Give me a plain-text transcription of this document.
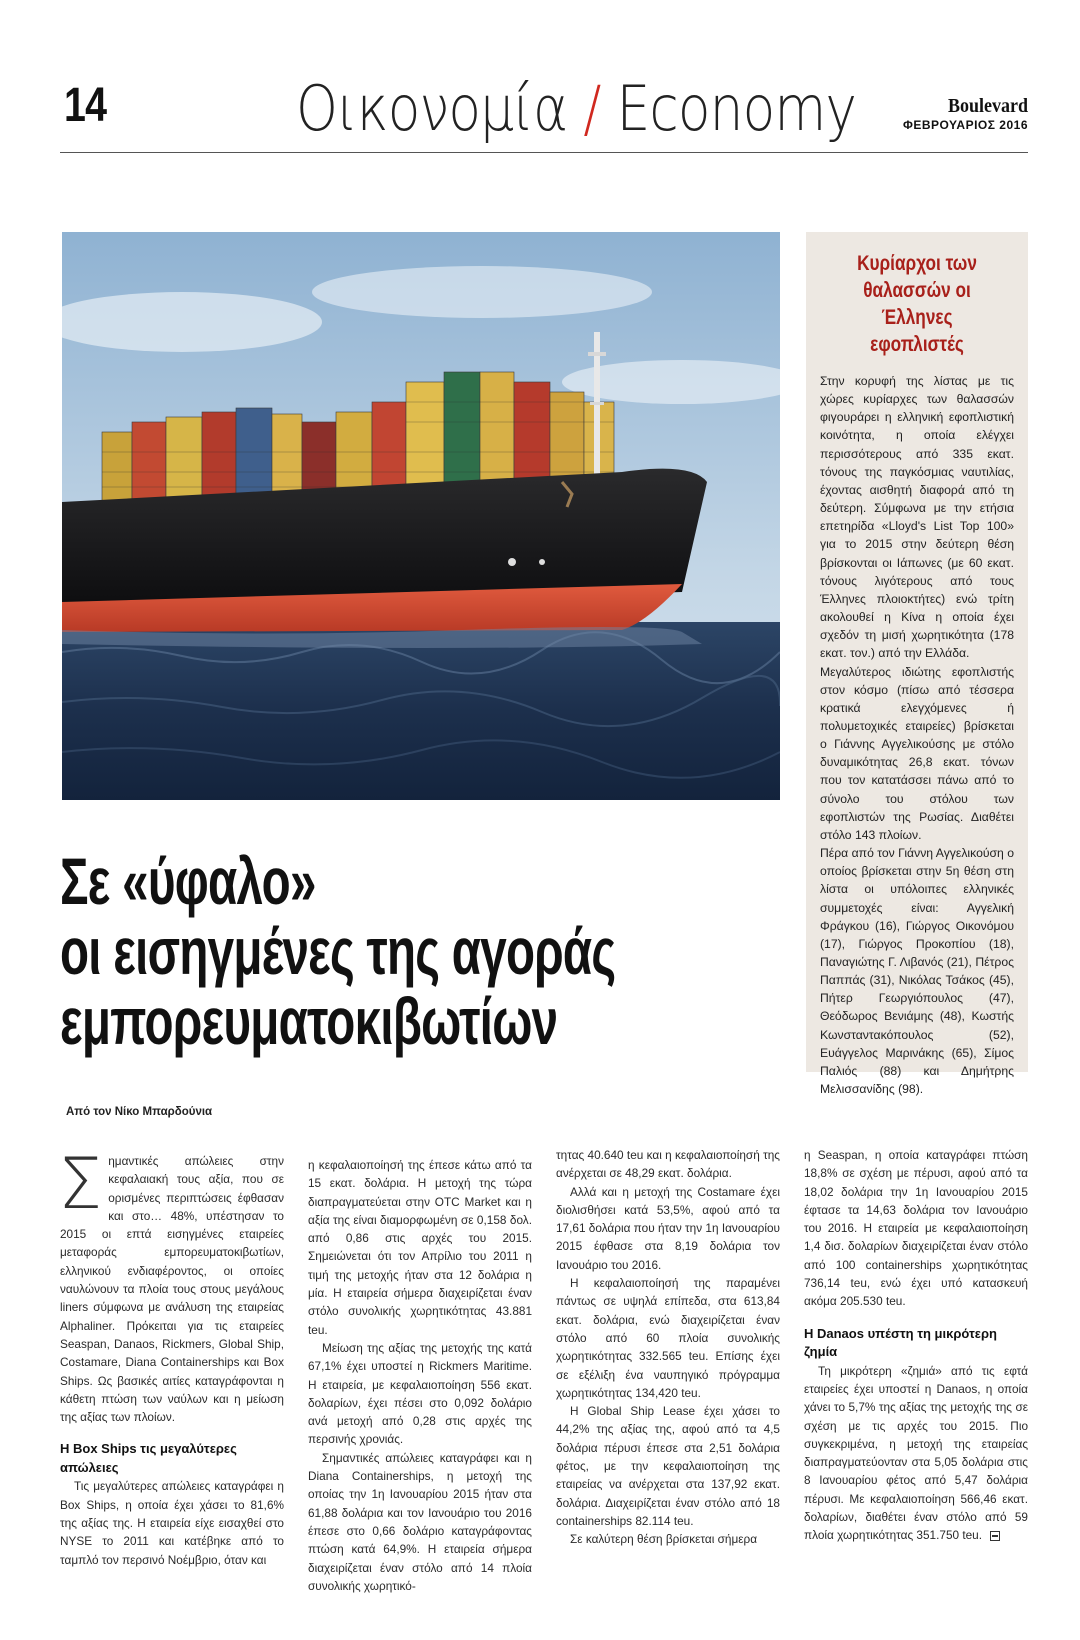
14	Οικονομία / Economy	Boulevard
ΦΕΒΡΟΥΑΡΙΟΣ 2016
Κυρίαρχοι των
θαλασσών οι Έλληνες
εφοπλιστές

Στην κορυφή της λίστας με τις χώρες κυρίαρχες των θαλασσών φιγουράρει η ελληνική εφοπλιστική κοινότητα, η οποία ελέγχει περισσότερους από 335 εκατ. τόνους της παγκόσμιας ναυτιλίας, έχοντας αισθητή διαφορά από τη δεύτερη. Σύμφωνα με την ετήσια επετηρίδα «Lloyd's List Top 100» για το 2015 στην δεύτερη θέση βρίσκονται οι Ιάπωνες (με 60 εκατ. τόνους λιγότερους από τους Έλληνες πλοιοκτήτες) ενώ τρίτη ακολουθεί η Κίνα η οποία έχει σχεδόν τη μισή χωρητικότητα (178 εκατ. τον.) από την Ελλάδα.

Μεγαλύτερος ιδιώτης εφοπλιστής στον κόσμο (πίσω από τέσσερα κρατικά ελεγχόμενες ή πολυμετοχικές εταιρείες) βρίσκεται ο Γιάννης Αγγελικούσης με στόλο δυναμικότητας 26,8 εκατ. τόνων που τον κατατάσσει πάνω από το σύνολο του στόλου των εφοπλιστών της Ρωσίας. Διαθέτει στόλο 143 πλοίων.

Πέρα από τον Γιάννη Αγγελικούση ο οποίος βρίσκεται στην 5η θέση στη λίστα οι υπόλοιπες ελληνικές συμμετοχές είναι: Αγγελική Φράγκου (16), Γιώργος Οικονόμου (17), Γιώργος Προκοπίου (18), Παναγιώτης Γ. Λιβανός (21), Πέτρος Παππάς (31), Νικόλας Τσάκος (45), Πήτερ Γεωργιόπουλος (47), Θεόδωρος Βενιάμης (48), Κωστής Κωνσταντακόπουλος (52), Ευάγγελος Μαρινάκης (65), Σίμος Παλιός (88) και Δημήτρης Μελισσανίδης (98).

Σε «ύφαλο»
οι εισηγμένες της αγοράς
εμπορευματοκιβωτίων
Από τον Νίκο Μπαρδούνια

Σημαντικές απώλειες στην κεφαλαιακή τους αξία, που σε ορισμένες περιπτώσεις έφθασαν και στο… 48%, υπέστησαν το 2015 οι επτά εισηγμένες εταιρείες μεταφοράς εμπορευματοκιβωτίων, ελληνικού ενδιαφέροντος, οι οποίες ναυλώνουν τα πλοία τους στους μεγάλους liners σύμφωνα με ανάλυση της εταιρείας Alphaliner. Πρόκειται για τις εταιρείες Seaspan, Danaos, Rickmers, Global Ship, Costamare, Diana Containerships και Box Ships. Ως βασικές αιτίες καταγράφονται η κάθετη πτώση των ναύλων και η μείωση της αξίας των πλοίων.

Η Box Ships τις μεγαλύτερες απώλειες

Τις μεγαλύτερες απώλειες καταγράφει η Box Ships, η οποία έχει χάσει το 81,6% της αξίας της. Η εταιρεία είχε εισαχθεί στο NYSE το 2011 και κατέβηκε από το ταμπλό τον περσινό Νοέμβριο, όταν και

η κεφαλαιοποίησή της έπεσε κάτω από τα 15 εκατ. δολάρια. Η μετοχή της τώρα διαπραγματεύεται στην OTC Market και η αξία της είναι διαμορφωμένη σε 0,158 δολ. από 0,86 στις αρχές του 2015. Σημειώνεται ότι τον Απρίλιο του 2011 η τιμή της μετοχής ήταν στα 12 δολάρια η μία. Η εταιρεία σήμερα διαχειρίζεται έναν στόλο συνολικής χωρητικότητας 43.881 teu.

Μείωση της αξίας της μετοχής της κατά 67,1% έχει υποστεί η Rickmers Maritime. Η εταιρεία, με κεφαλαιοποίηση 556 εκατ. δολαρίων, έχει πέσει στο 0,092 δολάριο ανά μετοχή από 0,28 στις αρχές της περσινής χρονιάς.

Σημαντικές απώλειες καταγράφει και η Diana Containerships, η μετοχή της οποίας την 1η Ιανουαρίου 2015 ήταν στα 61,88 δολάρια και τον Ιανουάριο του 2016 έπεσε στο 0,66 δολάριο καταγράφοντας πτώση κατά 64,9%. Η εταιρεία σήμερα διαχειρίζεται έναν στόλο από 14 πλοία συνολικής χωρητικό-

τητας 40.640 teu και η κεφαλαιοποίησή της ανέρχεται σε 48,29 εκατ. δολάρια.

Αλλά και η μετοχή της Costamare έχει διολισθήσει κατά 53,5%, αφού από τα 17,61 δολάρια που ήταν την 1η Ιανουαρίου 2015 έφθασε στα 8,19 δολάρια τον Ιανουάριο του 2016.

Η κεφαλαιοποίησή της παραμένει πάντως σε υψηλά επίπεδα, στα 613,84 εκατ. δολάρια, ενώ διαχειρίζεται έναν στόλο από 60 πλοία συνολικής χωρητικότητας 332.565 teu. Επίσης έχει σε εξέλιξη ένα ναυπηγικό πρόγραμμα χωρητικότητας 134,420 teu.

Η Global Ship Lease έχει χάσει το 44,2% της αξίας της, αφού από τα 4,5 δολάρια πέρυσι έπεσε στα 2,51 δολάρια φέτος, με την κεφαλαιοποίηση της εταιρείας να ανέρχεται στα 137,92 εκατ. δολάρια. Διαχειρίζεται έναν στόλο από 18 containerships 82.114 teu.

Σε καλύτερη θέση βρίσκεται σήμερα

η Seaspan, η οποία καταγράφει πτώση 18,8% σε σχέση με πέρυσι, αφού από τα 18,02 δολάρια την 1η Ιανουαρίου 2015 έφτασε τα 14,63 δολάρια τον Ιανουάριο του 2016. Η εταιρεία με κεφαλαιοποίηση 1,4 δισ. δολαρίων διαχειρίζεται έναν στόλο από 100 containerships χωρητικότητας 736,14 teu, ενώ έχει υπό κατασκευή ακόμα 205.530 teu.

Η Danaos υπέστη τη μικρότερη ζημία

Τη μικρότερη «ζημιά» από τις εφτά εταιρείες έχει υποστεί η Danaos, η οποία χάνει το 5,7% της αξίας της μετοχής της σε σχέση με τις αρχές του 2015. Πιο συγκεκριμένα, η μετοχή της εταιρείας διαπραγματεύονταν στα 5,05 δολάρια στις 8 Ιανουαρίου φέτος από 5,47 δολάρια πέρυσι. Με κεφαλαιοποίηση 566,46 εκατ. δολαρίων, διαθέτει έναν στόλο από 59 πλοία χωρητικότητας 351.750 teu.
